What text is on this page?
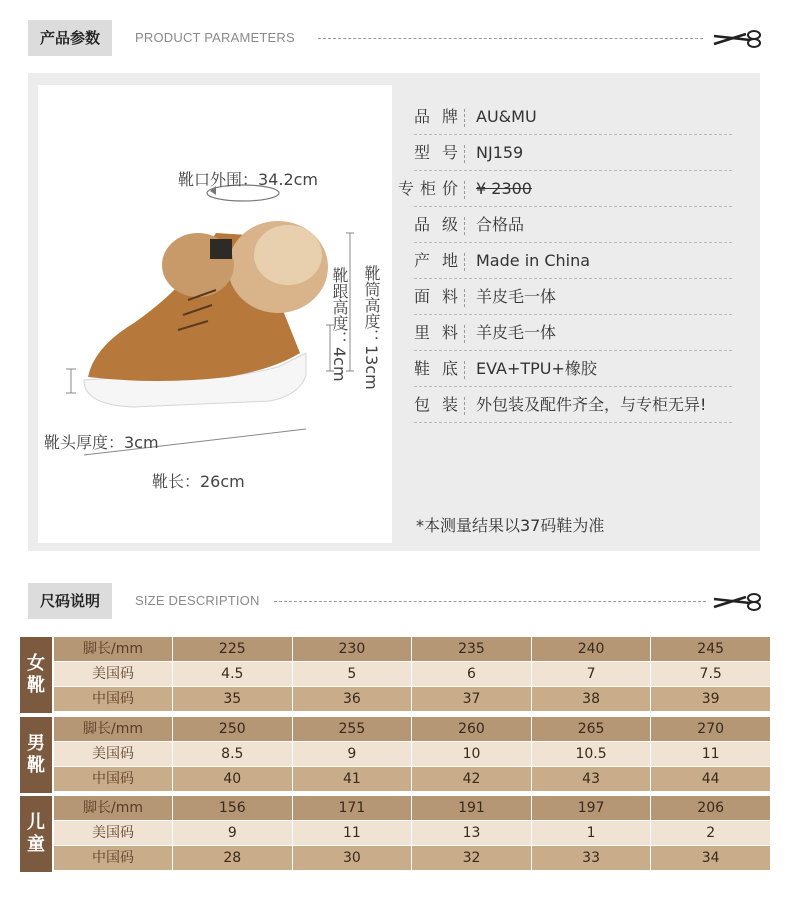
产品参数	PRODUCT PARAMETERS
靴口外围：34.2cm
靴跟高度：4cm 靴筒高度：13cm
靴头厚度：3cm
靴长：26cm
品牌 AU&MU
型号 NJ159
专柜价 ¥ 2300
品级 合格品
产地 Made in China
面料 羊皮毛一体
里料 羊皮毛一体
鞋底 EVA+TPU+橡胶
包装 外包装及配件齐全，与专柜无异!
*本测量结果以37码鞋为准
尺码说明	SIZE DESCRIPTION
女
靴
脚长/mm	225	230	235	240	245
美国码	4.5	5	6	7	7.5
中国码	35	36	37	38	39
男
靴
脚长/mm	250	255	260	265	270
美国码	8.5	9	10	10.5	11
中国码	40	41	42	43	44
儿
童
脚长/mm	156	171	191	197	206
美国码	9	11	13	1	2
中国码	28	30	32	33	34
